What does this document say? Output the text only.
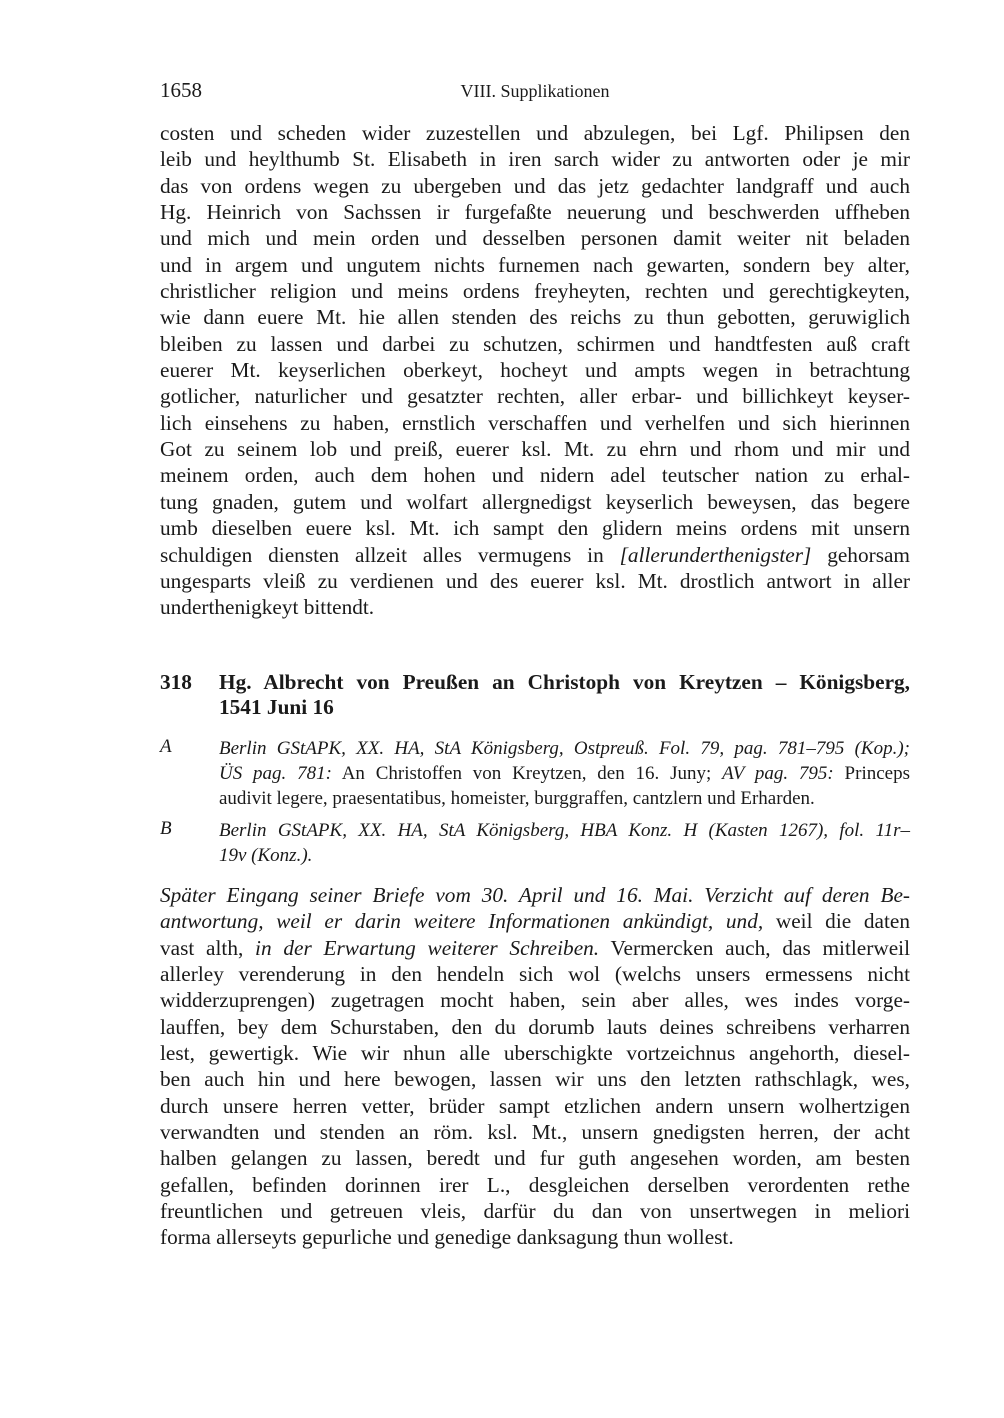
1658	VIII. Supplikationen
costen und scheden wider zuzestellen und abzulegen, bei Lgf. Philipsen den
leib und heylthumb St. Elisabeth in iren sarch wider zu antworten oder je mir
das von ordens wegen zu ubergeben und das jetz gedachter landgraff und auch
Hg. Heinrich von Sachssen ir furgefaßte neuerung und beschwerden uffheben
und mich und mein orden und desselben personen damit weiter nit beladen
und in argem und ungutem nichts furnemen nach gewarten, sondern bey alter,
christlicher religion und meins ordens freyheyten, rechten und gerechtigkeyten,
wie dann euere Mt. hie allen stenden des reichs zu thun gebotten, geruwiglich
bleiben zu lassen und darbei zu schutzen, schirmen und handtfesten auß craft
euerer Mt. keyserlichen oberkeyt, hocheyt und ampts wegen in betrachtung
gotlicher, naturlicher und gesatzter rechten, aller erbar- und billichkeyt keyser-
lich einsehens zu haben, ernstlich verschaffen und verhelfen und sich hierinnen
Got zu seinem lob und preiß, euerer ksl. Mt. zu ehrn und rhom und mir und
meinem orden, auch dem hohen und nidern adel teutscher nation zu erhal-
tung gnaden, gutem und wolfart allergnedigst keyserlich beweysen, das begere
umb dieselben euere ksl. Mt. ich sampt den glidern meins ordens mit unsern
schuldigen diensten allzeit alles vermugens in [allerunderthenigster] gehorsam
ungesparts vleiß zu verdienen und des euerer ksl. Mt. drostlich antwort in aller
underthenigkeyt bittendt.
318 Hg. Albrecht von Preußen an Christoph von Kreytzen – Königsberg,
1541 Juni 16
A Berlin GStAPK, XX. HA, StA Königsberg, Ostpreuß. Fol. 79, pag. 781–795 (Kop.);
ÜS pag. 781: An Christoffen von Kreytzen, den 16. Juny; AV pag. 795: Princeps
audivit legere, praesentatibus, homeister, burggraffen, cantzlern und Erharden.
B Berlin GStAPK, XX. HA, StA Königsberg, HBA Konz. H (Kasten 1267), fol. 11r–
19v (Konz.).
Später Eingang seiner Briefe vom 30. April und 16. Mai. Verzicht auf deren Be-
antwortung, weil er darin weitere Informationen ankündigt, und, weil die daten
vast alth, in der Erwartung weiterer Schreiben. Vermercken auch, das mitlerweil
allerley verenderung in den hendeln sich wol (welchs unsers ermessens nicht
widderzuprengen) zugetragen mocht haben, sein aber alles, wes indes vorge-
lauffen, bey dem Schurstaben, den du dorumb lauts deines schreibens verharren
lest, gewertigk. Wie wir nhun alle uberschigkte vortzeichnus angehorth, diesel-
ben auch hin und here bewogen, lassen wir uns den letzten rathschlagk, wes,
durch unsere herren vetter, brüder sampt etzlichen andern unsern wolhertzigen
verwandten und stenden an röm. ksl. Mt., unsern gnedigsten herren, der acht
halben gelangen zu lassen, beredt und fur guth angesehen worden, am besten
gefallen, befinden dorinnen irer L., desgleichen derselben verordenten rethe
freuntlichen und getreuen vleis, darfür du dan von unsertwegen in meliori
forma allerseyts gepurliche und genedige danksagung thun wollest.
